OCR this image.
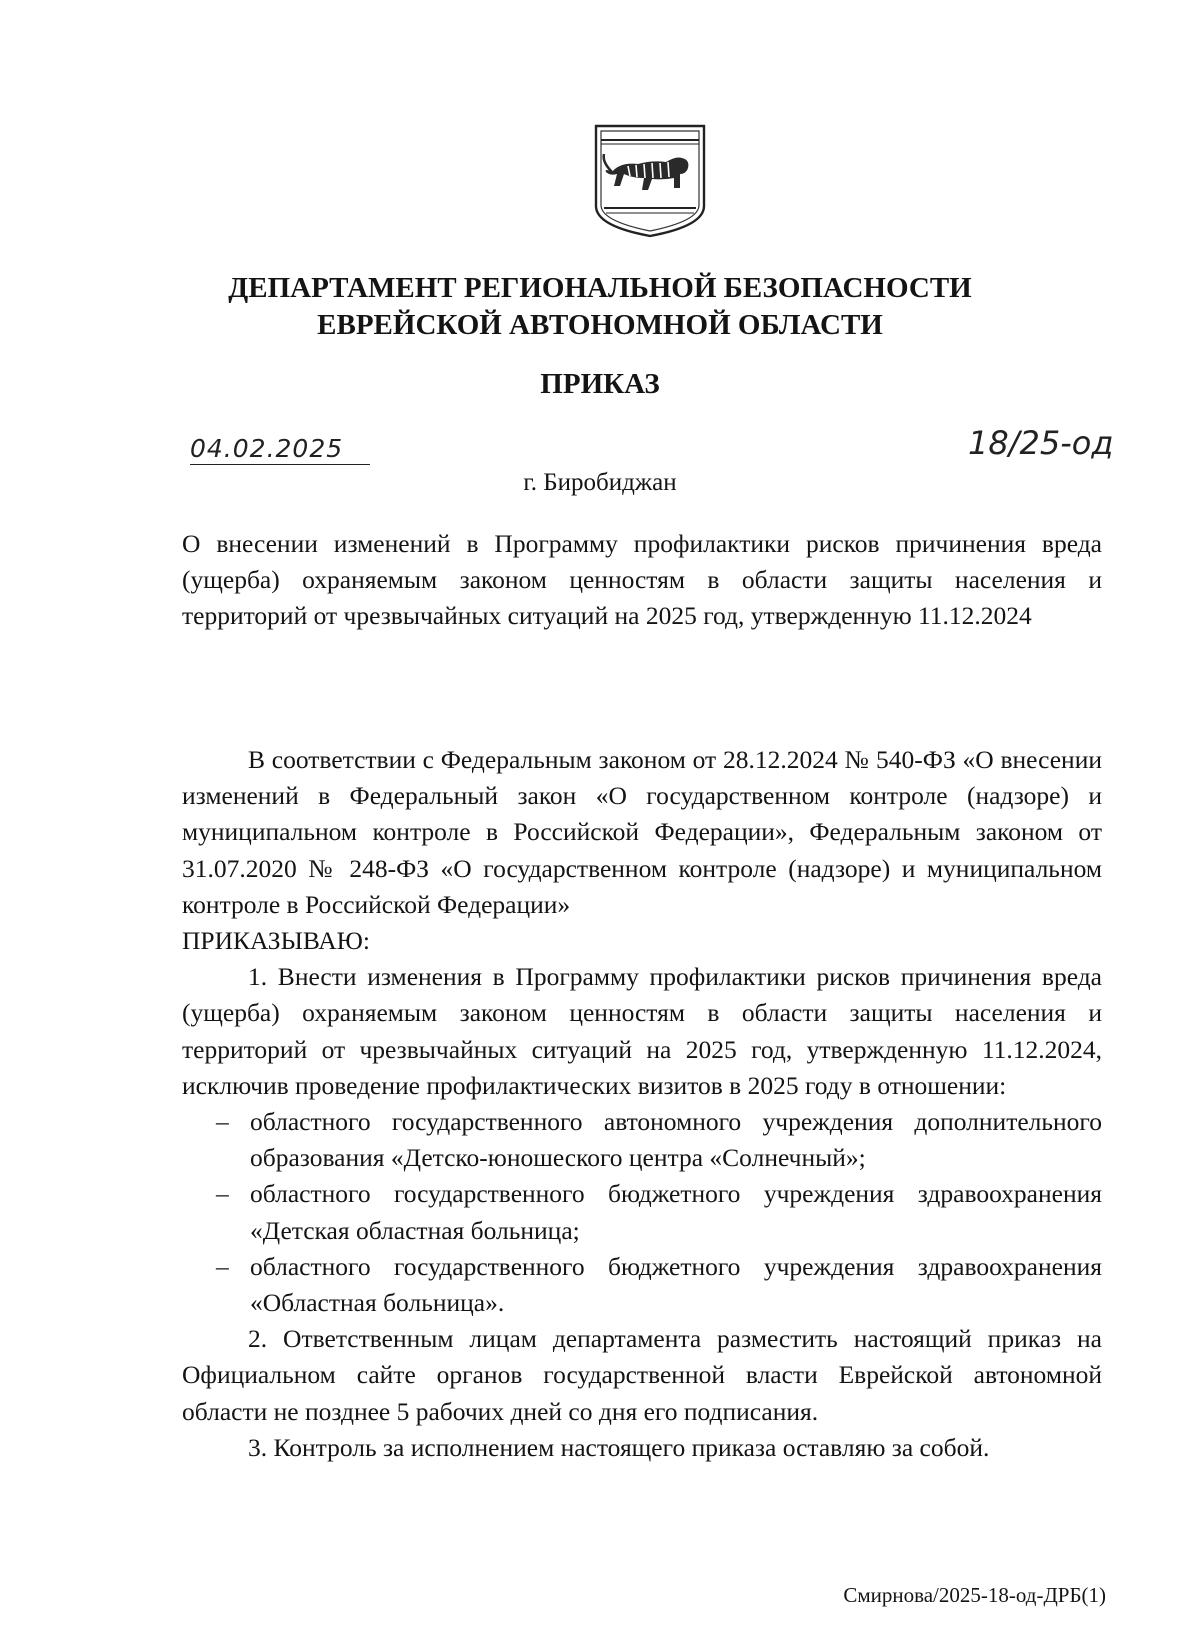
ДЕПАРТАМЕНТ РЕГИОНАЛЬНОЙ БЕЗОПАСНОСТИ
ЕВРЕЙСКОЙ АВТОНОМНОЙ ОБЛАСТИ
ПРИКАЗ
04.02.2025	18/25-од
г. Биробиджан
О внесении изменений в Программу профилактики рисков причинения вреда (ущерба) охраняемым законом ценностям в области защиты населения и территорий от чрезвычайных ситуаций на 2025 год, утвержденную 11.12.2024

В соответствии с Федеральным законом от 28.12.2024 № 540-ФЗ «О внесении изменений в Федеральный закон «О государственном контроле (надзоре) и муниципальном контроле в Российской Федерации», Федеральным законом от 31.07.2020 № 248-ФЗ «О государственном контроле (надзоре) и муниципальном контроле в Российской Федерации»

ПРИКАЗЫВАЮ:

1. Внести изменения в Программу профилактики рисков причинения вреда (ущерба) охраняемым законом ценностям в области защиты населения и территорий от чрезвычайных ситуаций на 2025 год, утвержденную 11.12.2024, исключив проведение профилактических визитов в 2025 году в отношении:

– областного государственного автономного учреждения дополнительного образования «Детско-юношеского центра «Солнечный»;
– областного государственного бюджетного учреждения здравоохранения «Детская областная больница;
– областного государственного бюджетного учреждения здравоохранения «Областная больница».

2. Ответственным лицам департамента разместить настоящий приказ на Официальном сайте органов государственной власти Еврейской автономной области не позднее 5 рабочих дней со дня его подписания.

3. Контроль за исполнением настоящего приказа оставляю за собой.

Смирнова/2025-18-од-ДРБ(1)
